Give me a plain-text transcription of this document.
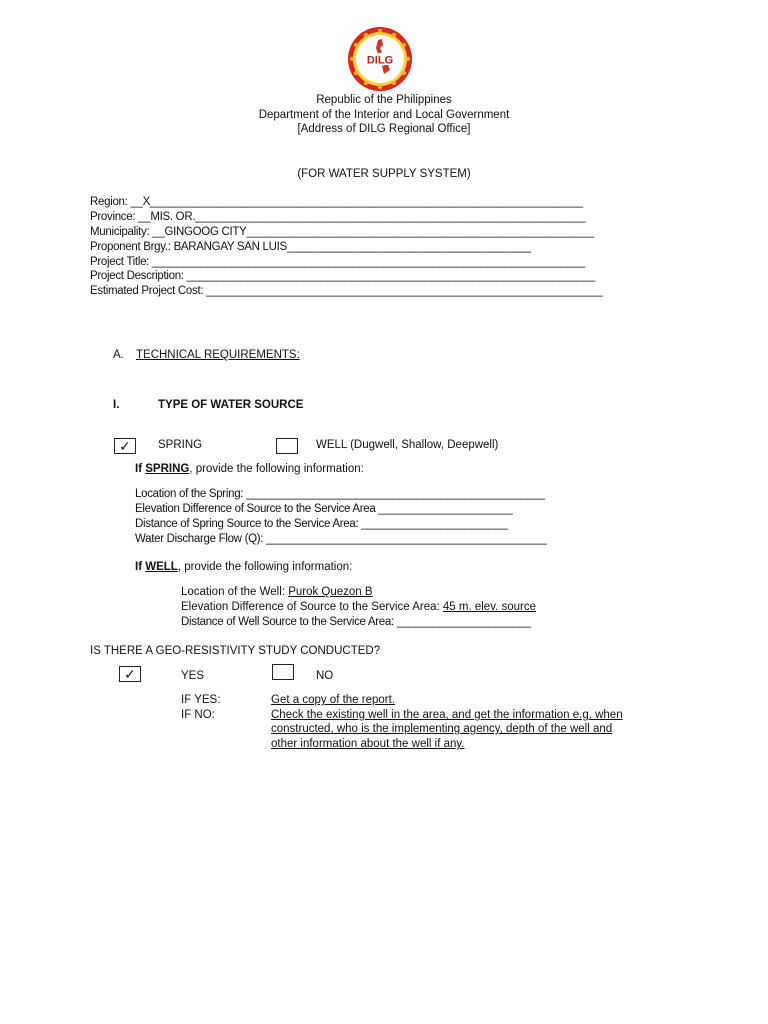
DILG
Republic of the Philippines
Department of the Interior and Local Government
[Address of DILG Regional Office]
(FOR WATER SUPPLY SYSTEM)
Region: __X_______________________________________________________________________
Province: __MIS. OR.________________________________________________________________
Municipality: __GINGOOG CITY_________________________________________________________
Proponent Brgy.: BARANGAY SAN LUIS________________________________________
Project Title: _______________________________________________________________________
Project Description: ___________________________________________________________________
Estimated Project Cost: _________________________________________________________________
A. TECHNICAL REQUIREMENTS:
I.	TYPE OF WATER SOURCE
✓	SPRING	WELL (Dugwell, Shallow, Deepwell)
If SPRING, provide the following information:
Location of the Spring: _________________________________________________
Elevation Difference of Source to the Service Area ______________________
Distance of Spring Source to the Service Area: ________________________
Water Discharge Flow (Q): ______________________________________________
If WELL, provide the following information:
Location of the Well: Purok Quezon B
Elevation Difference of Source to the Service Area: 45 m. elev. source
Distance of Well Source to the Service Area: ______________________
IS THERE A GEO-RESISTIVITY STUDY CONDUCTED?
✓	YES	NO
IF YES:	Get a copy of the report.
IF NO:	Check the existing well in the area, and get the information e.g. when
constructed, who is the implementing agency, depth of the well and
other information about the well if any.
